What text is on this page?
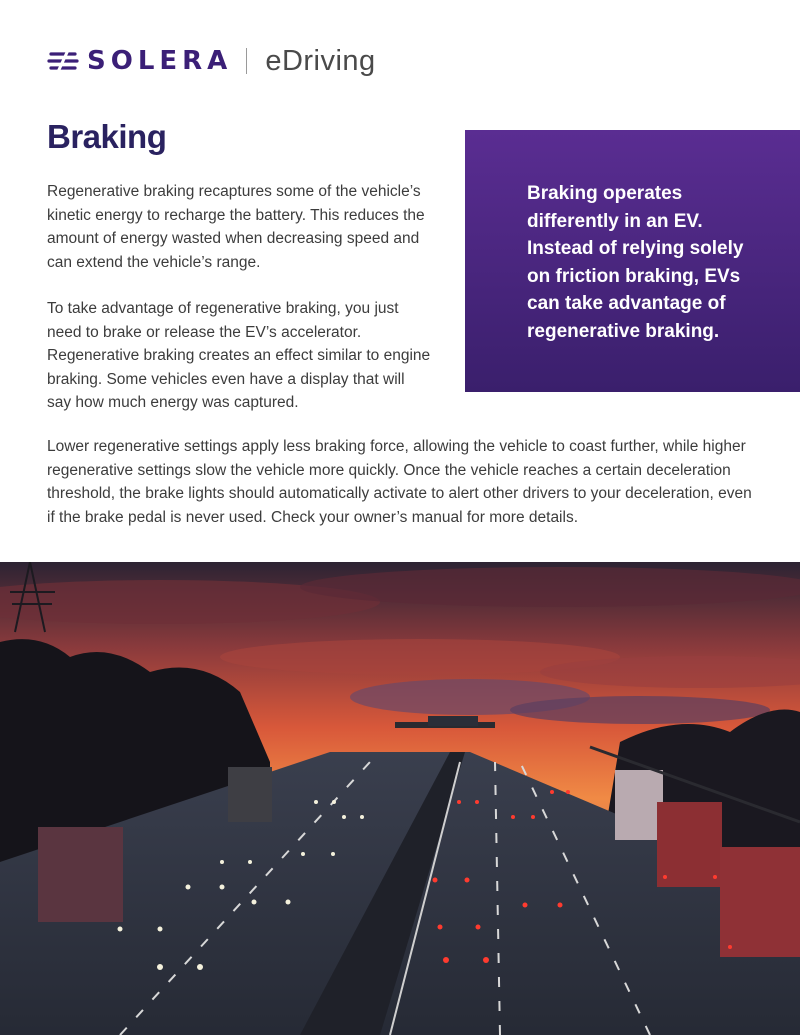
SOLERA eDriving
Braking

Regenerative braking recaptures some of the vehicle’s kinetic energy to recharge the battery. This reduces the amount of energy wasted when decreasing speed and can extend the vehicle’s range.

To take advantage of regenerative braking, you just need to brake or release the EV’s accelerator. Regenerative braking creates an effect similar to engine braking. Some vehicles even have a display that will say how much energy was captured.

Braking operates differently in an EV. Instead of relying solely on friction braking, EVs can take advantage of regenerative braking.

Lower regenerative settings apply less braking force, allowing the vehicle to coast further, while higher regenerative settings slow the vehicle more quickly. Once the vehicle reaches a certain deceleration threshold, the brake lights should automatically activate to alert other drivers to your deceleration, even if the brake pedal is never used. Check your owner’s manual for more details.
